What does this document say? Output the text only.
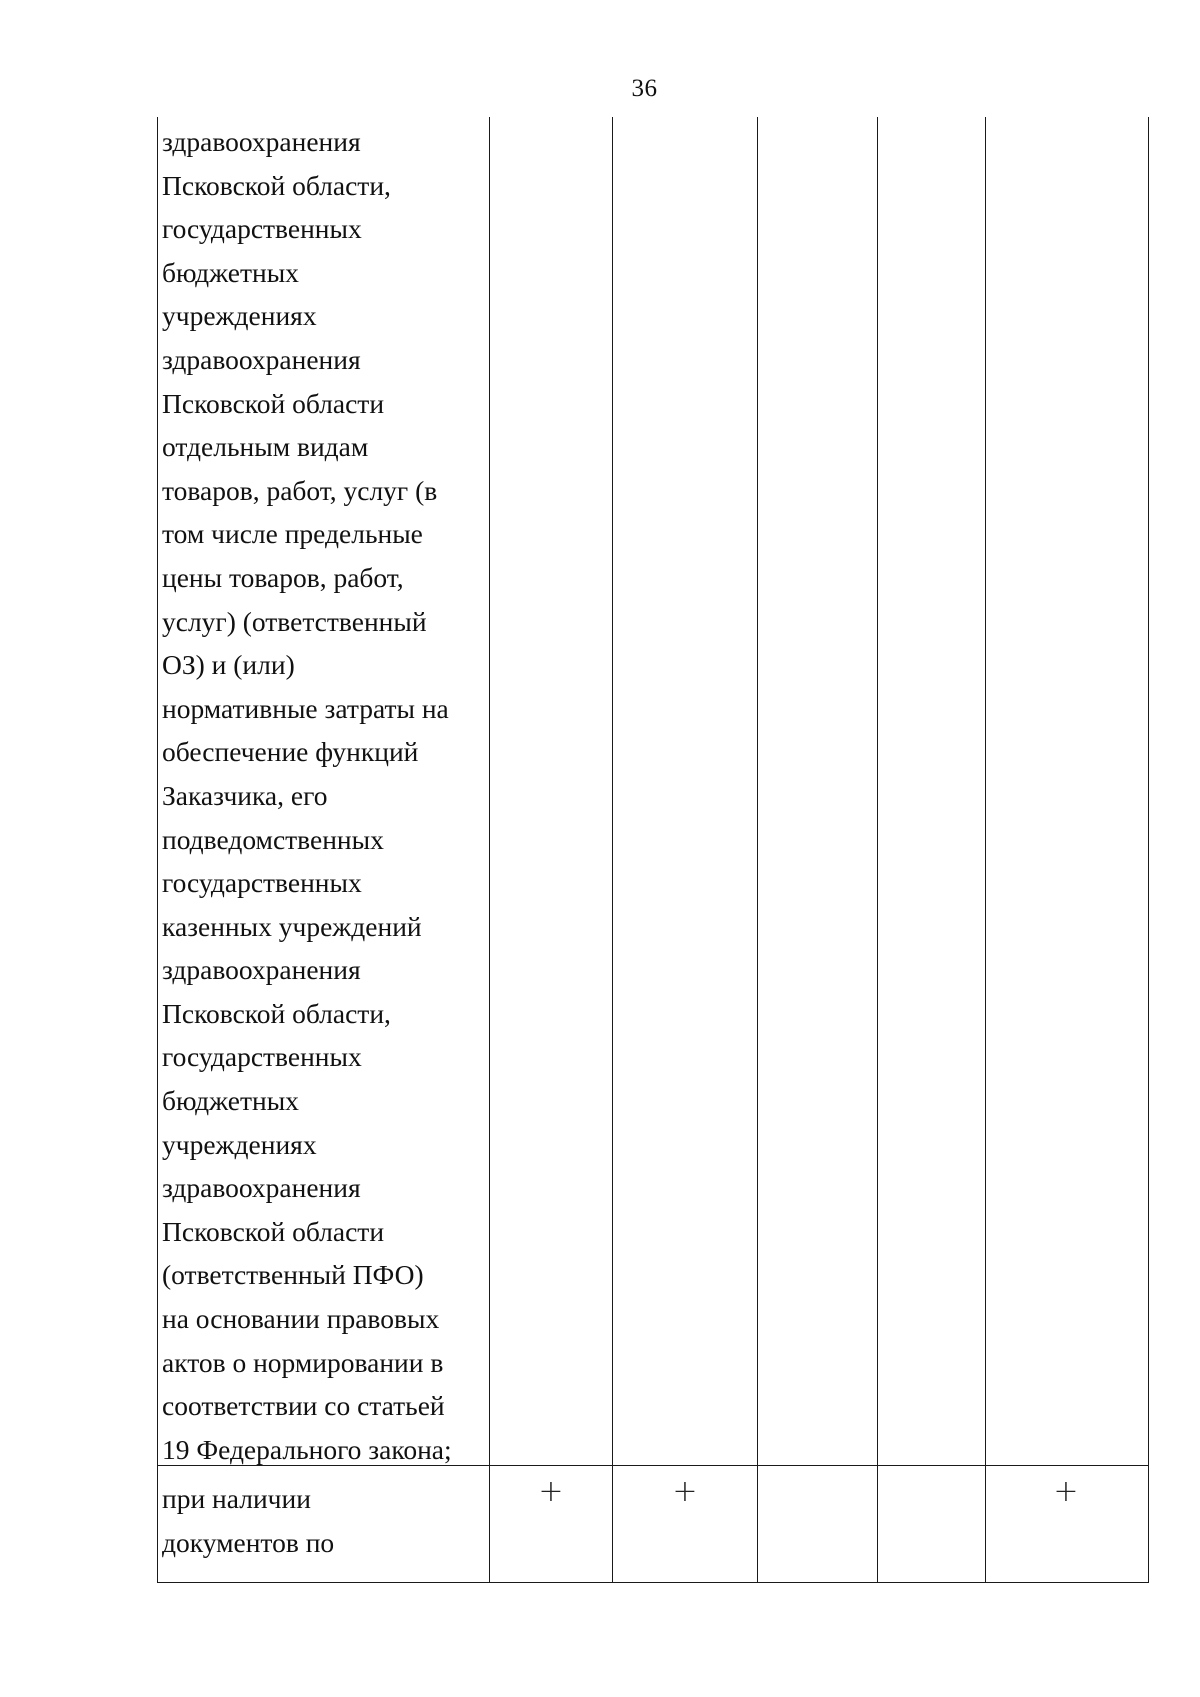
36
здравоохранения
Псковской области,
государственных
бюджетных
учреждениях
здравоохранения
Псковской области
отдельным видам
товаров, работ, услуг (в
том числе предельные
цены товаров, работ,
услуг) (ответственный
ОЗ) и (или)
нормативные затраты на
обеспечение функций
Заказчика, его
подведомственных
государственных
казенных учреждений
здравоохранения
Псковской области,
государственных
бюджетных
учреждениях
здравоохранения
Псковской области
(ответственный ПФО)
на основании правовых
актов о нормировании в
соответствии со статьей
19 Федерального закона;
при наличии
документов по
+	+	+
